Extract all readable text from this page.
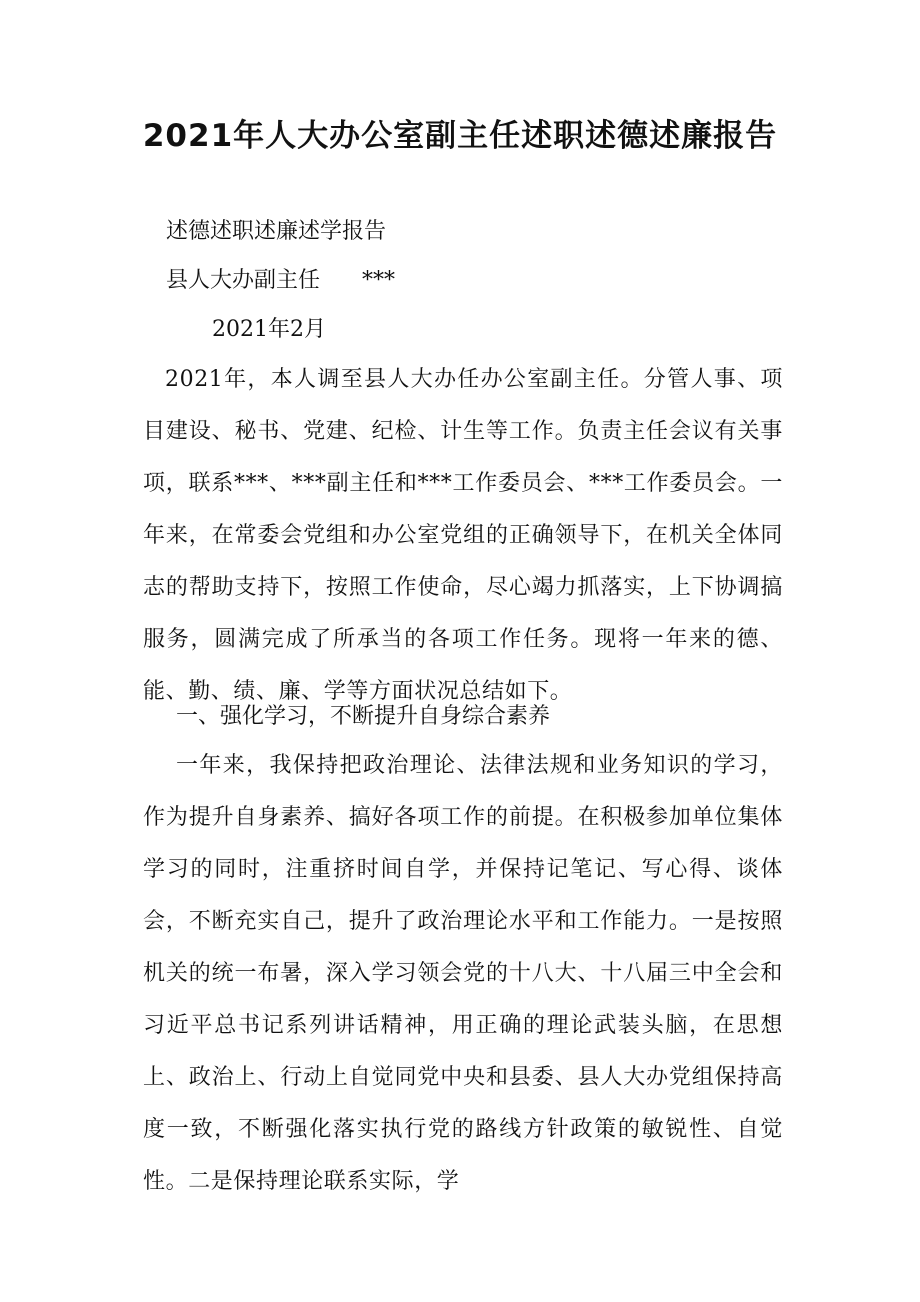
2021年人大办公室副主任述职述德述廉报告

述德述职述廉述学报告

县人大办副主任      ***

2021年2月

2021年，本人调至县人大办任办公室副主任。分管人事、项目建设、秘书、党建、纪检、计生等工作。负责主任会议有关事项，联系***、***副主任和***工作委员会、***工作委员会。一年来，在常委会党组和办公室党组的正确领导下，在机关全体同志的帮助支持下，按照工作使命，尽心竭力抓落实，上下协调搞服务，圆满完成了所承当的各项工作任务。现将一年来的德、能、勤、绩、廉、学等方面状况总结如下。

一、强化学习，不断提升自身综合素养

一年来，我保持把政治理论、法律法规和业务知识的学习，作为提升自身素养、搞好各项工作的前提。在积极参加单位集体学习的同时，注重挤时间自学，并保持记笔记、写心得、谈体会，不断充实自己，提升了政治理论水平和工作能力。一是按照机关的统一布暑，深入学习领会党的十八大、十八届三中全会和习近平总书记系列讲话精神，用正确的理论武装头脑，在思想上、政治上、行动上自觉同党中央和县委、县人大办党组保持高度一致，不断强化落实执行党的路线方针政策的敏锐性、自觉性。二是保持理论联系实际，学
